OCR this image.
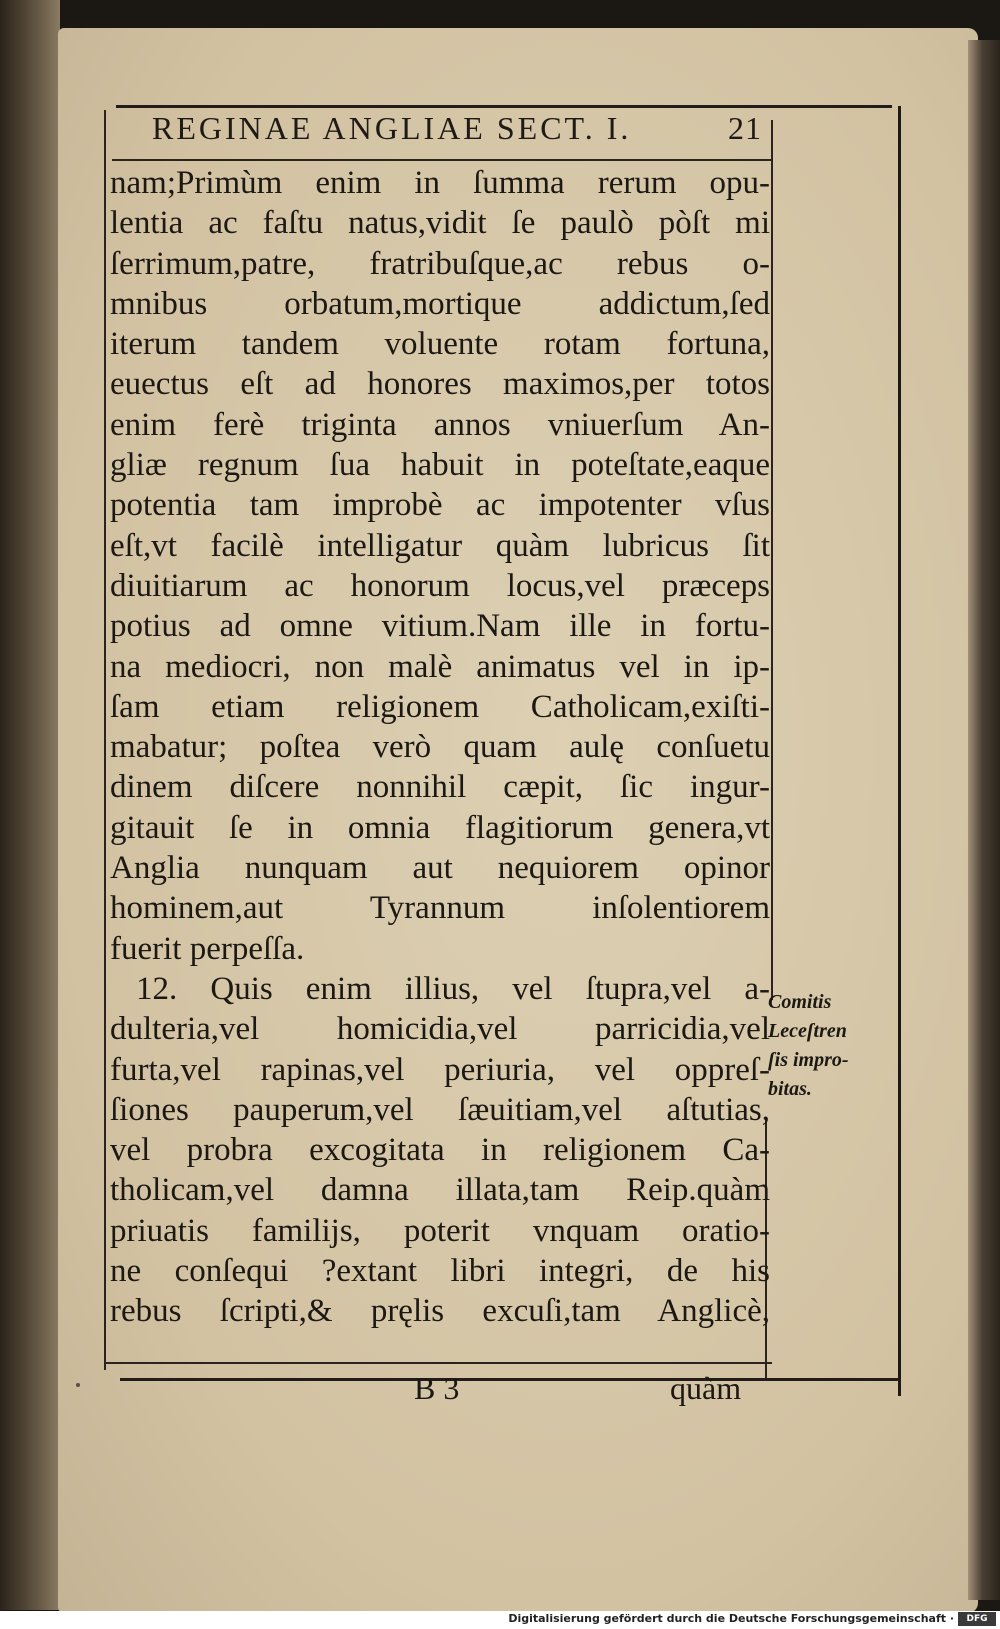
REGINAE ANGLIAE SECT. I.	21
nam;Primùm enim in ſumma rerum opu-
lentia ac faſtu natus,vidit ſe paulò pòſt mi
ſerrimum,patre, fratribuſque,ac rebus o-
mnibus orbatum,mortique addictum,ſed
iterum tandem voluente rotam fortuna,
euectus eſt ad honores maximos,per totos
enim ferè triginta annos vniuerſum An-
gliæ regnum ſua habuit in poteſtate,eaque
potentia tam improbè ac impotenter vſus
eſt,vt facilè intelligatur quàm lubricus ſit
diuitiarum ac honorum locus,vel præceps
potius ad omne vitium.Nam ille in fortu-
na mediocri, non malè animatus vel in ip-
ſam etiam religionem Catholicam,exiſti-
mabatur; poſtea verò quam aulę conſuetu
dinem diſcere nonnihil cæpit, ſic ingur-
gitauit ſe in omnia flagitiorum genera,vt
Anglia nunquam aut nequiorem opinor
hominem,aut Tyrannum inſolentiorem
fuerit perpeſſa.
12. Quis enim illius, vel ſtupra,vel a-
dulteria,vel homicidia,vel parricidia,vel
furta,vel rapinas,vel periuria, vel oppreſ-
ſiones pauperum,vel ſæuitiam,vel aſtutias,
vel probra excogitata in religionem Ca-
tholicam,vel damna illata,tam Reip.quàm
priuatis familijs, poterit vnquam oratio-
ne conſequi ?extant libri integri, de his
rebus ſcripti,& pręlis excuſi,tam Anglicè,
Comitis
Leceſtren
ſis impro-
bitas.
B 3	quàm
Digitalisierung gefördert durch die Deutsche Forschungsgemeinschaft ·	DFG
